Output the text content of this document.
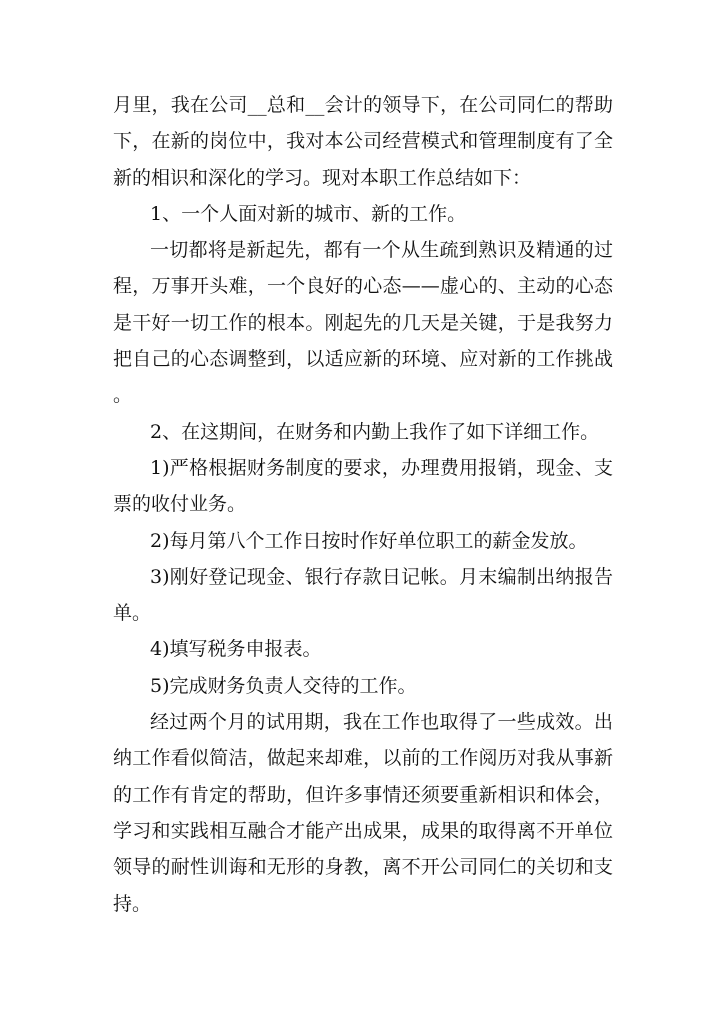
月里，我在公司__总和__会计的领导下，在公司同仁的帮助下，在新的岗位中，我对本公司经营模式和管理制度有了全新的相识和深化的学习。现对本职工作总结如下：

1、一个人面对新的城市、新的工作。

一切都将是新起先，都有一个从生疏到熟识及精通的过程，万事开头难，一个良好的心态——虚心的、主动的心态是干好一切工作的根本。刚起先的几天是关键，于是我努力把自己的心态调整到，以适应新的环境、应对新的工作挑战。

2、在这期间，在财务和内勤上我作了如下详细工作。

1)严格根据财务制度的要求，办理费用报销，现金、支票的收付业务。

2)每月第八个工作日按时作好单位职工的薪金发放。

3)刚好登记现金、银行存款日记帐。月末编制出纳报告单。

4)填写税务申报表。

5)完成财务负责人交待的工作。

经过两个月的试用期，我在工作也取得了一些成效。出纳工作看似简洁，做起来却难，以前的工作阅历对我从事新的工作有肯定的帮助，但许多事情还须要重新相识和体会，学习和实践相互融合才能产出成果，成果的取得离不开单位领导的耐性训诲和无形的身教，离不开公司同仁的关切和支持。
